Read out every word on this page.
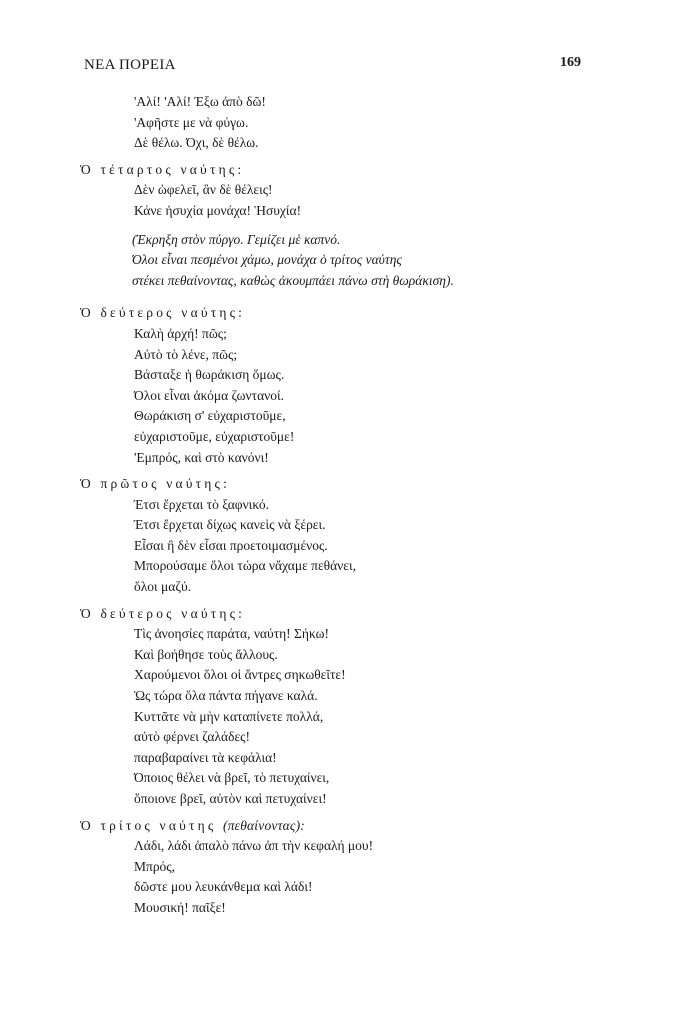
ΝΕΑ ΠΟΡΕΙΑ	169
'Αλί! 'Αλί! Έξω ἀπὸ δῶ!
'Αφῆστε με νὰ φύγω.
Δὲ θέλω. Όχι, δὲ θέλω.
Ὁ τέταρτος ναύτης:
Δὲν ὠφελεῖ, ἂν δὲ θέλεις!
Κάνε ἡσυχία μονάχα! Ἡσυχία!
(Έκρηξη στὸν πύργο. Γεμίζει μὲ καπνό.
Όλοι εἶναι πεσμένοι χάμω, μονάχα ὁ τρίτος ναύτης
στέκει πεθαίνοντας, καθὼς ἀκουμπάει πάνω στὴ θωράκιση).
Ὁ δεύτερος ναύτης:
Καλὴ ἀρχή! πῶς;
Αὐτὸ τὸ λένε, πῶς;
Βάσταξε ἡ θωράκιση ὅμως.
Όλοι εἶναι ἀκόμα ζωντανοί.
Θωράκιση σ' εὐχαριστοῦμε,
εὐχαριστοῦμε, εὐχαριστοῦμε!
'Εμπρός, καὶ στὸ κανόνι!
Ὁ πρῶτος ναύτης:
Έτσι ἔρχεται τὸ ξαφνικό.
Έτσι ἔρχεται δίχως κανεὶς νὰ ξέρει.
Εἶσαι ἢ δὲν εἶσαι προετοιμασμένος.
Μπορούσαμε ὅλοι τώρα νἄχαμε πεθάνει,
ὅλοι μαζύ.
Ὁ δεύτερος ναύτης:
Τὶς ἀνοησίες παράτα, ναύτη! Σήκω!
Καὶ βοήθησε τοὺς ἄλλους.
Χαρούμενοι ὅλοι οἱ ἄντρες σηκωθεῖτε!
Ὡς τώρα ὅλα πάντα πήγανε καλά.
Κυττᾶτε νὰ μὴν καταπίνετε πολλά,
αὐτὸ φέρνει ζαλάδες!
παραβαραίνει τὰ κεφάλια!
Όποιος θέλει νὰ βρεῖ, τὸ πετυχαίνει,
ὅποιονε βρεῖ, αὐτὸν καὶ πετυχαίνει!
Ὁ τρίτος ναύτης (πεθαίνοντας):
Λάδι, λάδι ἁπαλὸ πάνω ἀπ τὴν κεφαλή μου!
Μπρός,
δῶστε μου λευκάνθεμα καὶ λάδι!
Μουσική! παῖξε!
